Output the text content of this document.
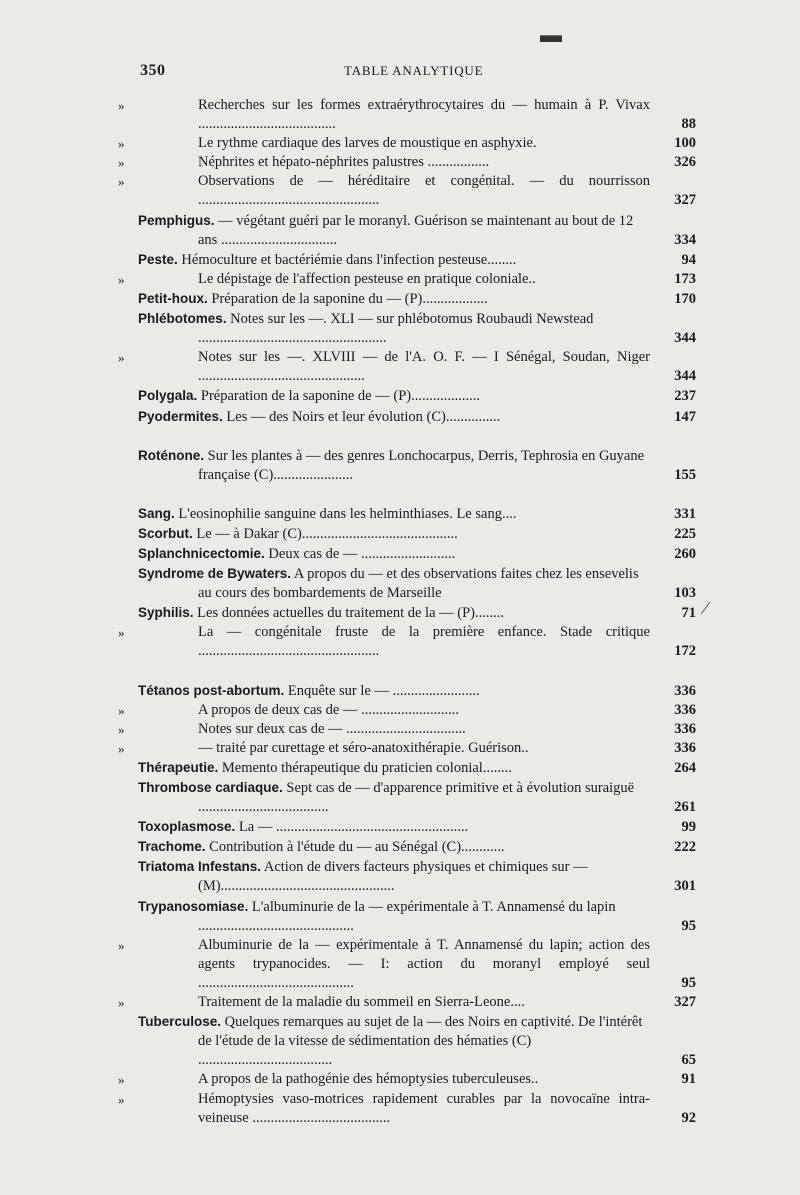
350	TABLE ANALYTIQUE
»	Recherches sur les formes extraérythrocytaires du — humain à P. Vivax ......................................	88
»	Le rythme cardiaque des larves de moustique en asphyxie.	100
»	Néphrites et hépato-néphrites palustres .................	326
»	Observations de — héréditaire et congénital. — du nourrisson ..................................................	327
Pemphigus. — végétant guéri par le moranyl. Guérison se maintenant au bout de 12 ans ................................	334
Peste. Hémoculture et bactériémie dans l'infection pesteuse........	94
»	Le dépistage de l'affection pesteuse en pratique coloniale..	173
Petit-houx. Préparation de la saponine du — (P)..................	170
Phlébotomes. Notes sur les —. XLI — sur phlébotomus Roubaudi Newstead ....................................................	344
»	Notes sur les —. XLVIII — de l'A. O. F. — I Sénégal, Soudan, Niger ..............................................	344
Polygala. Préparation de la saponine de — (P)...................	237
Pyodermites. Les — des Noirs et leur évolution (C)...............	147
Roténone. Sur les plantes à — des genres Lonchocarpus, Derris, Tephrosia en Guyane française (C)......................	155
Sang. L'eosinophilie sanguine dans les helminthiases. Le sang....	331
Scorbut. Le — à Dakar (C)...........................................	225
Splanchnicectomie. Deux cas de — ..........................	260
Syndrome de Bywaters. A propos du — et des observations faites chez les ensevelis au cours des bombardements de Marseille	103
Syphilis. Les données actuelles du traitement de la — (P)........	71
»	La — congénitale fruste de la première enfance. Stade critique ..................................................	172
Tétanos post-abortum. Enquête sur le — ........................	336
»	A propos de deux cas de — ...........................	336
»	Notes sur deux cas de — .................................	336
»	— traité par curettage et séro-anatoxithérapie. Guérison..	336
Thérapeutie. Memento thérapeutique du praticien colonial........	264
Thrombose cardiaque. Sept cas de — d'apparence primitive et à évolution suraiguë ....................................	261
Toxoplasmose. La — .....................................................	99
Trachome. Contribution à l'étude du — au Sénégal (C)............	222
Triatoma Infestans. Action de divers facteurs physiques et chimiques sur — (M)................................................	301
Trypanosomiase. L'albuminurie de la — expérimentale à T. Annamensé du lapin ...........................................	95
»	Albuminurie de la — expérimentale à T. Annamensé du lapin; action des agents trypanocides. — I: action du moranyl employé seul ...........................................	95
»	Traitement de la maladie du sommeil en Sierra-Leone....	327
Tuberculose. Quelques remarques au sujet de la — des Noirs en captivité. De l'intérêt de l'étude de la vitesse de sédimentation des hématies (C) .....................................	65
»	A propos de la pathogénie des hémoptysies tuberculeuses..	91
»	Hémoptysies vaso-motrices rapidement curables par la novocaïne intra-veineuse ......................................	92
▬
⁄
